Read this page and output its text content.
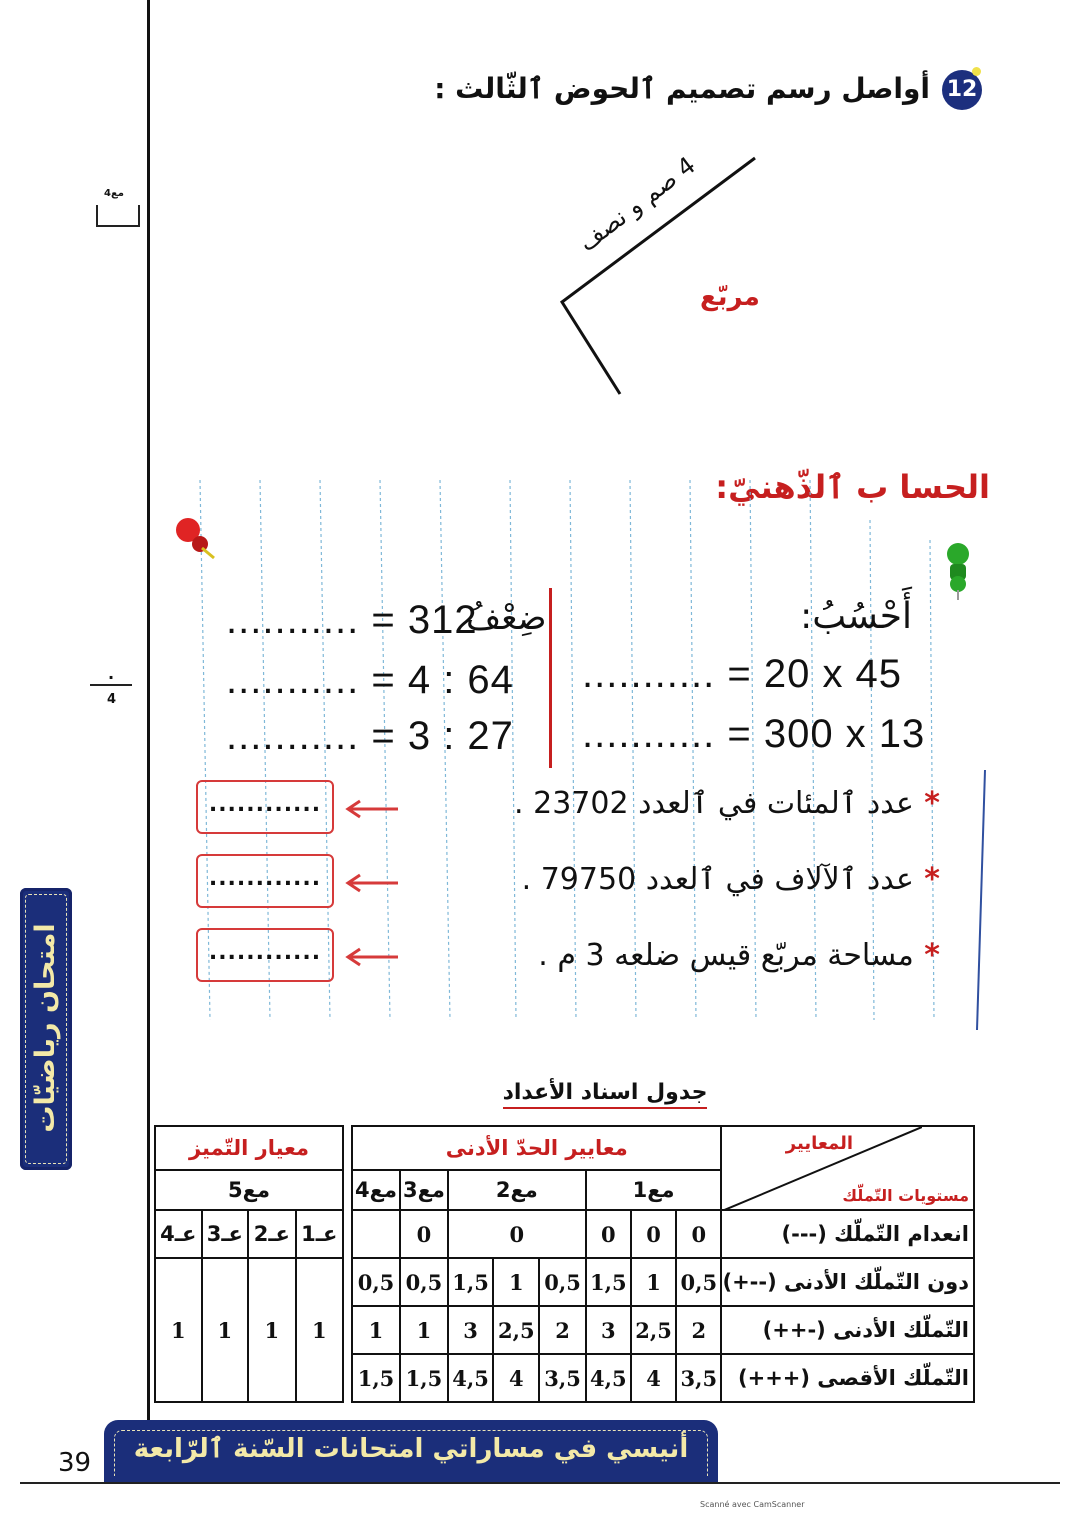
مع4
.
4
امتحان رياضيّات
39
12
أواصل رسم تصميم ٱلحوض ٱلثّالث :
4 صم و نصف
مربّع
الحسا ب ٱلذّهنيّ:
أَحْسُبُ:
........... = 20 x 45
........... = 300 x 13
ضِعْفُ
........... = 312
........... = 4 : 64
........... = 3 : 27
* عدد ٱلمئات في ٱلعدد 23702 .
* عدد ٱلآلاف في ٱلعدد 79750 .
* مساحة مربّع قيس ضلعه 3 م .
............
............
............
جدول اسناد الأعداد
معايير الحدّ الأدنى								المعايير
مستويات التّملّك

مع4	مع3	مع2			مع1			
	0	0			0	0	0	انعدام التّملّك (---)
0,5	0,5	1,5	1	0,5	1,5	1	0,5	دون التّملّك الأدنى (--+)
1	1	3	2,5	2	3	2,5	2	التّملّك الأدنى (-++)
1,5	1,5	4,5	4	3,5	4,5	4	3,5	التّملّك الأقصى (+++)
معيار التّميز			
مع5			
عـ4	عـ3	عـ2	عـ1
1	1	1	1
أنيسي في مساراتي امتحانات السّنة ٱلرّابعة
Scanné avec CamScanner
